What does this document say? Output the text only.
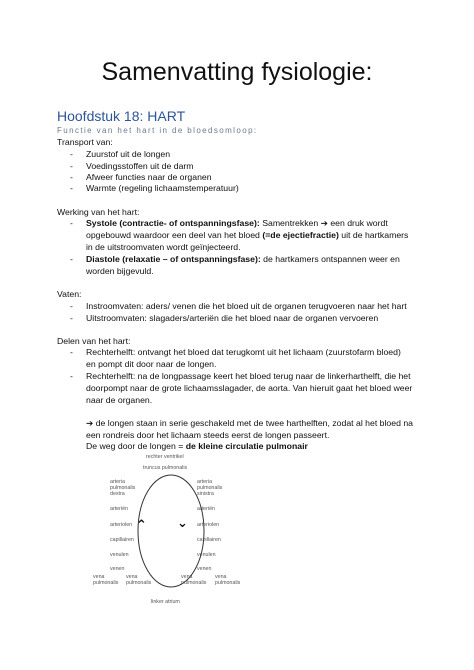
Samenvatting fysiologie:
Hoofdstuk 18: HART
Functie van het hart in de bloedsomloop:
Transport van:
- Zuurstof uit de longen
- Voedingsstoffen uit de darm
- Afweer functies naar de organen
- Warmte (regeling lichaamstemperatuur)
Werking van het hart:
- Systole (contractie- of ontspanningsfase): Samentrekken ➔ een druk wordt
opgebouwd waardoor een deel van het bloed (=de ejectiefractie) uit de hartkamers
in de uitstroomvaten wordt geïnjecteerd.
- Diastole (relaxatie – of ontspanningsfase): de hartkamers ontspannen weer en
worden bijgevuld.
Vaten:
- Instroomvaten: aders/ venen die het bloed uit de organen terugvoeren naar het hart
- Uitstroomvaten: slagaders/arteriën die het bloed naar de organen vervoeren
Delen van het hart:
- Rechterhelft: ontvangt het bloed dat terugkomt uit het lichaam (zuurstofarm bloed)
en pompt dit door naar de longen.
- Rechterhelft: na de longpassage keert het bloed terug naar de linkerharthelft, die het
doorpompt naar de grote lichaamsslagader, de aorta. Van hieruit gaat het bloed weer
naar de organen.
➔ de longen staan in serie geschakeld met de twee harthelften, zodat al het bloed na
een rondreis door het lichaam steeds eerst de longen passeert.
De weg door de longen = de kleine circulatie pulmonair
rechter ventrikel
truncus pulmonalis
arteria
pulmonalis
dextra
arteriën
arteriolen
capillairen
venulen
venen
arteria
pulmonalis
sinistra
arteriën
arteriolen
capillairen
venulen
venen
⌃ ⌄
vena
pulmonalis
vena
pulmonalis
vena
pulmonalis
vena
pulmonalis
linker atrium
